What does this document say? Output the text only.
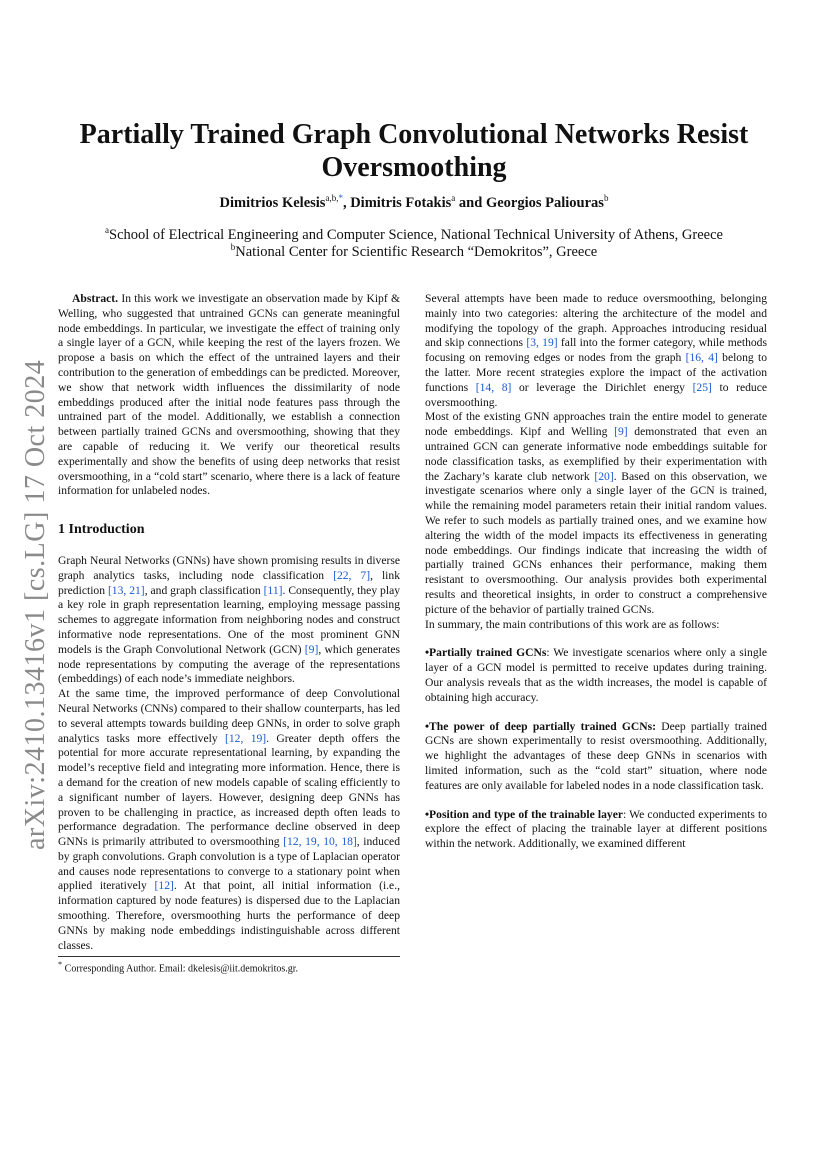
arXiv:2410.13416v1 [cs.LG] 17 Oct 2024
Partially Trained Graph Convolutional Networks Resist Oversmoothing
Dimitrios Kelesis$^{a,b,*}$, Dimitris Fotakis$^a$ and Georgios Paliouras$^b$
$^a$School of Electrical Engineering and Computer Science, National Technical University of Athens, Greece
$^b$National Center for Scientific Research “Demokritos”, Greece

Abstract. In this work we investigate an observation made by Kipf & Welling, who suggested that untrained GCNs can generate meaningful node embeddings. In particular, we investigate the effect of training only a single layer of a GCN, while keeping the rest of the layers frozen. We propose a basis on which the effect of the untrained layers and their contribution to the generation of embeddings can be predicted. Moreover, we show that network width influences the dissimilarity of node embeddings produced after the initial node features pass through the untrained part of the model. Additionally, we establish a connection between partially trained GCNs and oversmoothing, showing that they are capable of reducing it. We verify our theoretical results experimentally and show the benefits of using deep networks that resist oversmoothing, in a “cold start” scenario, where there is a lack of feature information for unlabeled nodes.

1 Introduction

Graph Neural Networks (GNNs) have shown promising results in diverse graph analytics tasks, including node classification [22, 7], link prediction [13, 21], and graph classification [11]. Consequently, they play a key role in graph representation learning, employing message passing schemes to aggregate information from neighboring nodes and construct informative node representations. One of the most prominent GNN models is the Graph Convolutional Network (GCN) [9], which generates node representations by computing the average of the representations (embeddings) of each node’s immediate neighbors.

At the same time, the improved performance of deep Convolutional Neural Networks (CNNs) compared to their shallow counterparts, has led to several attempts towards building deep GNNs, in order to solve graph analytics tasks more effectively [12, 19]. Greater depth offers the potential for more accurate representational learning, by expanding the model’s receptive field and integrating more information. Hence, there is a demand for the creation of new models capable of scaling efficiently to a significant number of layers. However, designing deep GNNs has proven to be challenging in practice, as increased depth often leads to performance degradation. The performance decline observed in deep GNNs is primarily attributed to oversmoothing [12, 19, 10, 18], induced by graph convolutions. Graph convolution is a type of Laplacian operator and causes node representations to converge to a stationary point when applied iteratively [12]. At that point, all initial information (i.e., information captured by node features) is dispersed due to the Laplacian smoothing. Therefore, oversmoothing hurts the performance of deep GNNs by making node embeddings indistinguishable across different classes.

* Corresponding Author. Email: dkelesis@iit.demokritos.gr.

Several attempts have been made to reduce oversmoothing, belonging mainly into two categories: altering the architecture of the model and modifying the topology of the graph. Approaches introducing residual and skip connections [3, 19] fall into the former category, while methods focusing on removing edges or nodes from the graph [16, 4] belong to the latter. More recent strategies explore the impact of the activation functions [14, 8] or leverage the Dirichlet energy [25] to reduce oversmoothing.

Most of the existing GNN approaches train the entire model to generate node embeddings. Kipf and Welling [9] demonstrated that even an untrained GCN can generate informative node embeddings suitable for node classification tasks, as exemplified by their experimentation with the Zachary’s karate club network [20]. Based on this observation, we investigate scenarios where only a single layer of the GCN is trained, while the remaining model parameters retain their initial random values. We refer to such models as partially trained ones, and we examine how altering the width of the model impacts its effectiveness in generating node embeddings. Our findings indicate that increasing the width of partially trained GCNs enhances their performance, making them resistant to oversmoothing. Our analysis provides both experimental results and theoretical insights, in order to construct a comprehensive picture of the behavior of partially trained GCNs.

In summary, the main contributions of this work are as follows:

•Partially trained GCNs: We investigate scenarios where only a single layer of a GCN model is permitted to receive updates during training. Our analysis reveals that as the width increases, the model is capable of obtaining high accuracy.

•The power of deep partially trained GCNs: Deep partially trained GCNs are shown experimentally to resist oversmoothing. Additionally, we highlight the advantages of these deep GNNs in scenarios with limited information, such as the “cold start” situation, where node features are only available for labeled nodes in a node classification task.

•Position and type of the trainable layer: We conducted experiments to explore the effect of placing the trainable layer at different positions within the network. Additionally, we examined different
